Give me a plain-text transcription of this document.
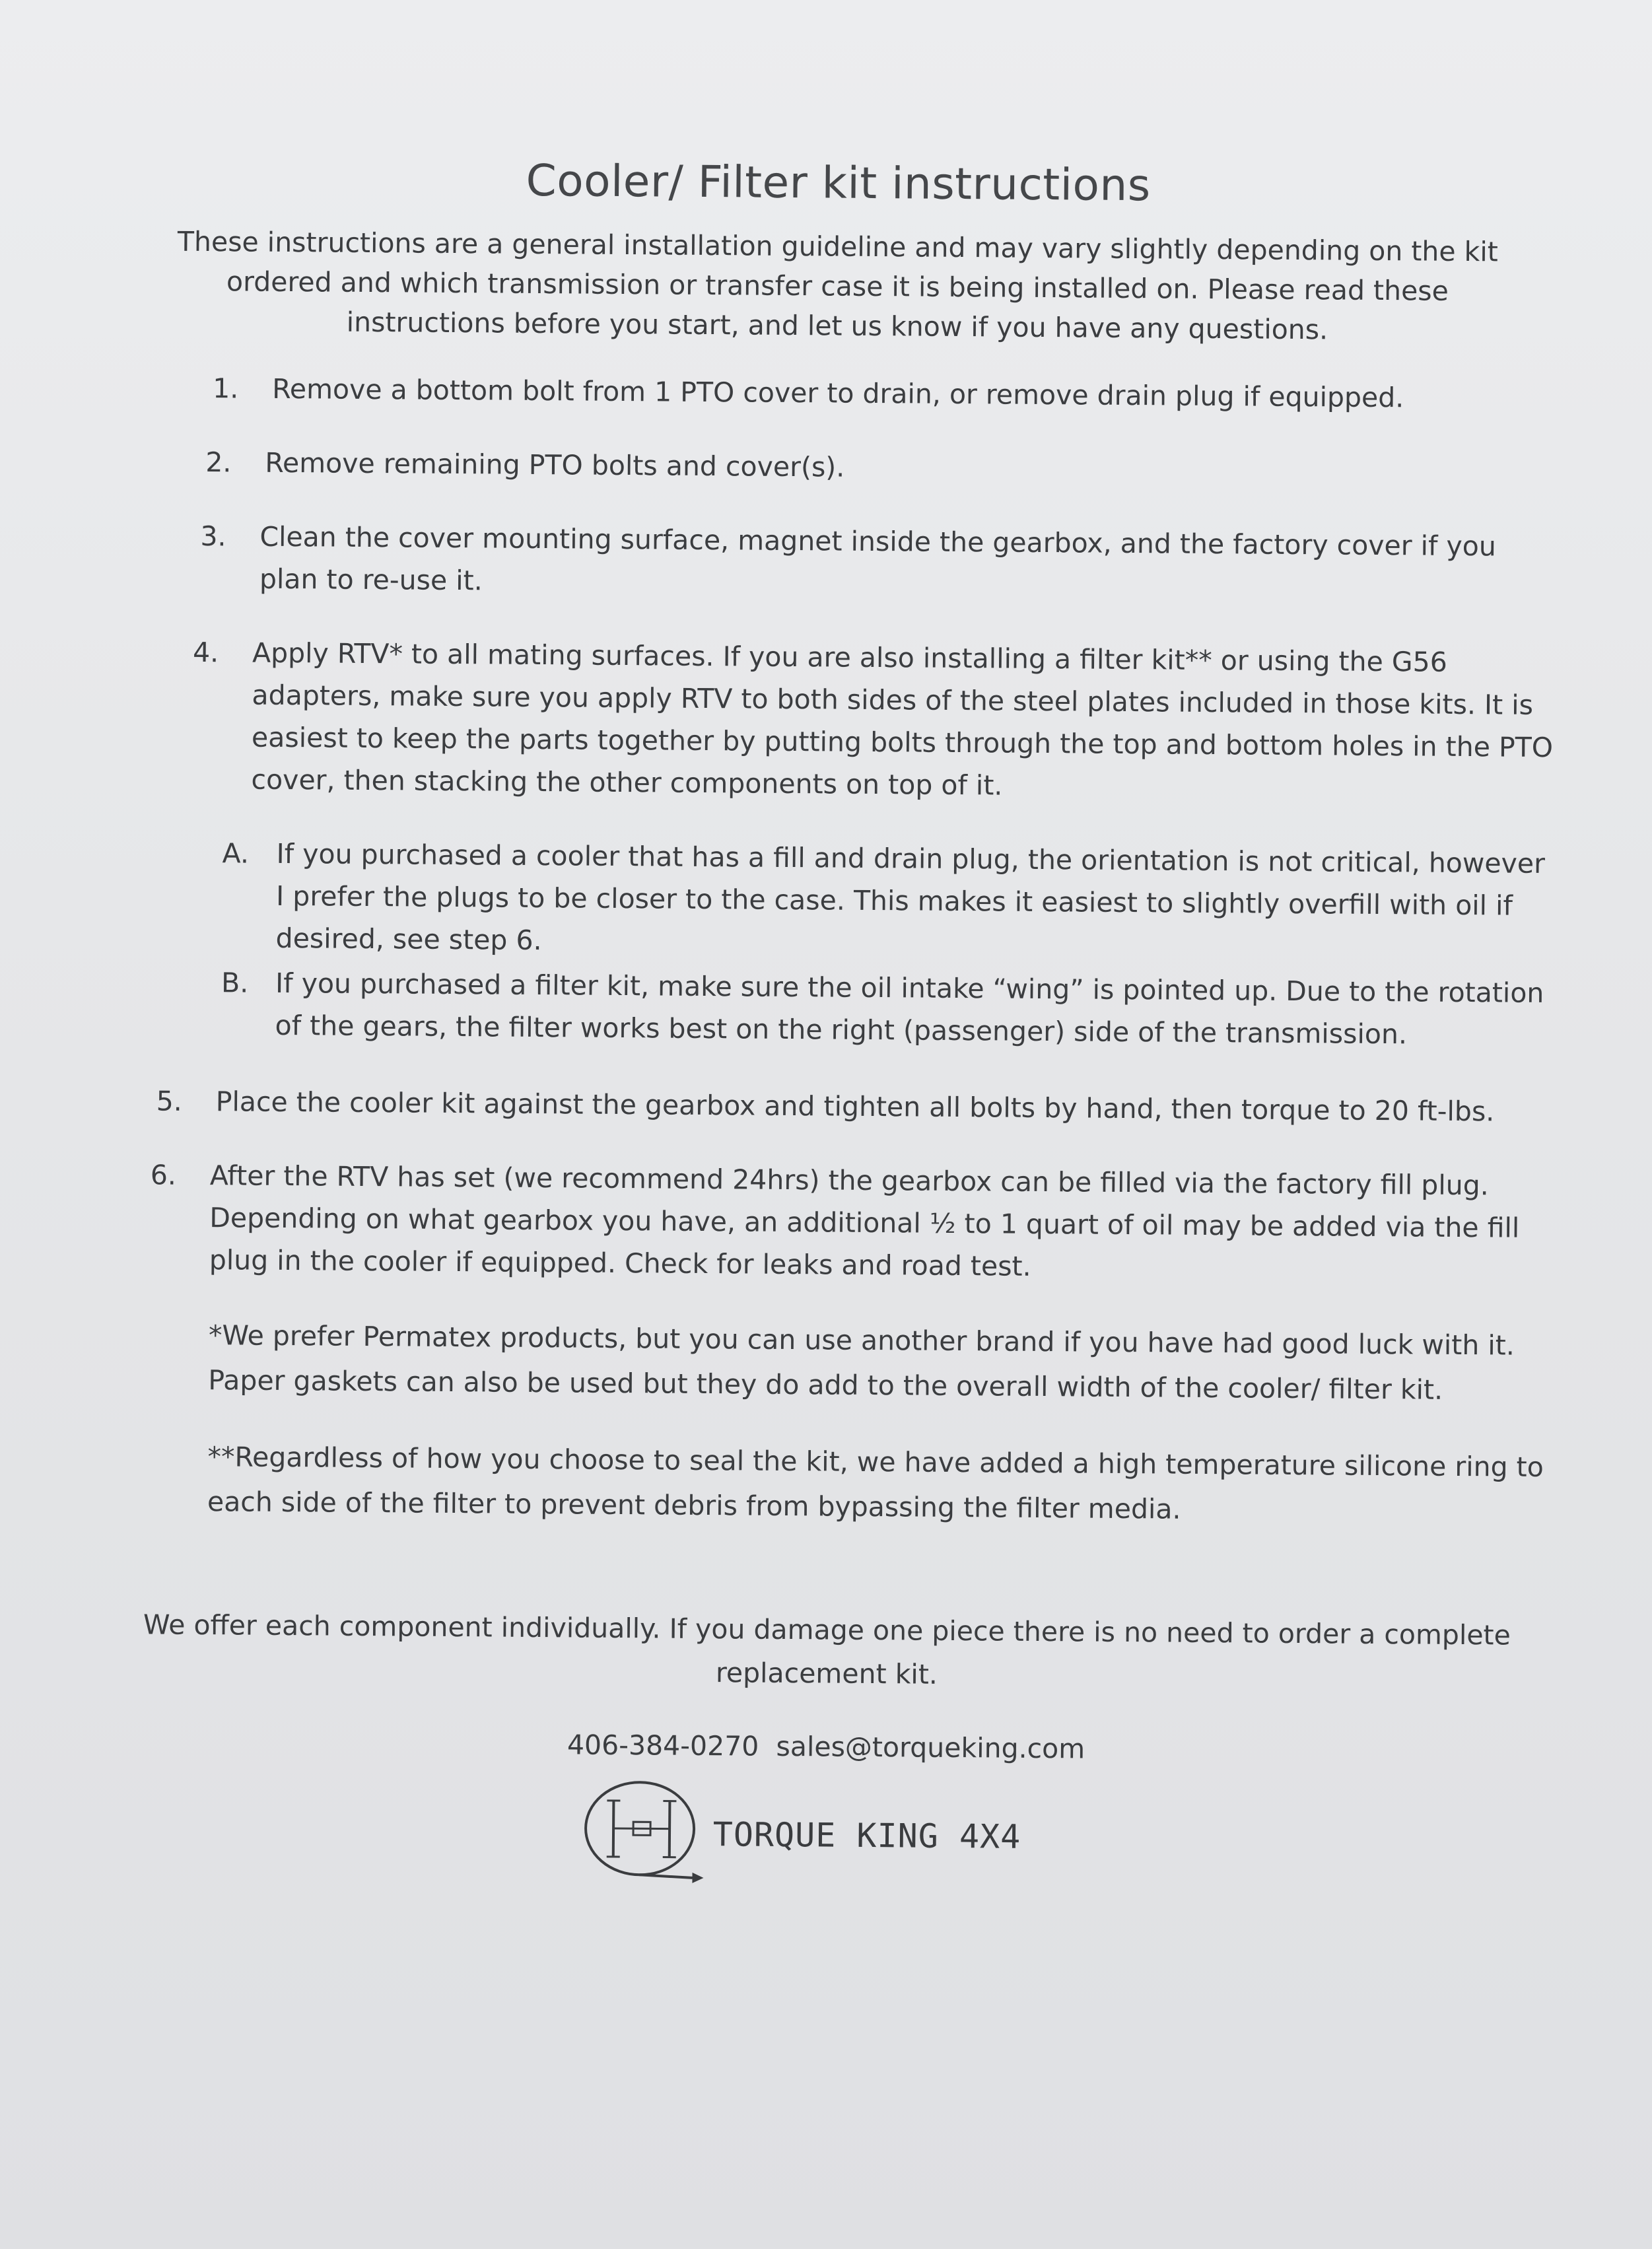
Cooler/ Filter kit instructions

These instructions are a general installation guideline and may vary slightly depending on the kit ordered and which transmission or transfer case it is being installed on. Please read these instructions before you start, and let us know if you have any questions.

1.	Remove a bottom bolt from 1 PTO cover to drain, or remove drain plug if equipped.
2.	Remove remaining PTO bolts and cover(s).
3.	Clean the cover mounting surface, magnet inside the gearbox, and the factory cover if you plan to re-use it.
4.	Apply RTV* to all mating surfaces. If you are also installing a filter kit** or using the G56 adapters, make sure you apply RTV to both sides of the steel plates included in those kits. It is easiest to keep the parts together by putting bolts through the top and bottom holes in the PTO cover, then stacking the other components on top of it.
A.	If you purchased a cooler that has a fill and drain plug, the orientation is not critical, however I prefer the plugs to be closer to the case. This makes it easiest to slightly overfill with oil if desired, see step 6.
B. If you purchased a filter kit, make sure the oil intake “wing” is pointed up. Due to the rotation of the gears, the filter works best on the right (passenger) side of the transmission.
5.	Place the cooler kit against the gearbox and tighten all bolts by hand, then torque to 20 ft-lbs.
6.	After the RTV has set (we recommend 24hrs) the gearbox can be filled via the factory fill plug. Depending on what gearbox you have, an additional ½ to 1 quart of oil may be added via the fill plug in the cooler if equipped. Check for leaks and road test.

*We prefer Permatex products, but you can use another brand if you have had good luck with it. Paper gaskets can also be used but they do add to the overall width of the cooler/ filter kit.

**Regardless of how you choose to seal the kit, we have added a high temperature silicone ring to each side of the filter to prevent debris from bypassing the filter media.

We offer each component individually. If you damage one piece there is no need to order a complete replacement kit.

406-384-0270 sales@torqueking.com
TORQUE KING 4X4
